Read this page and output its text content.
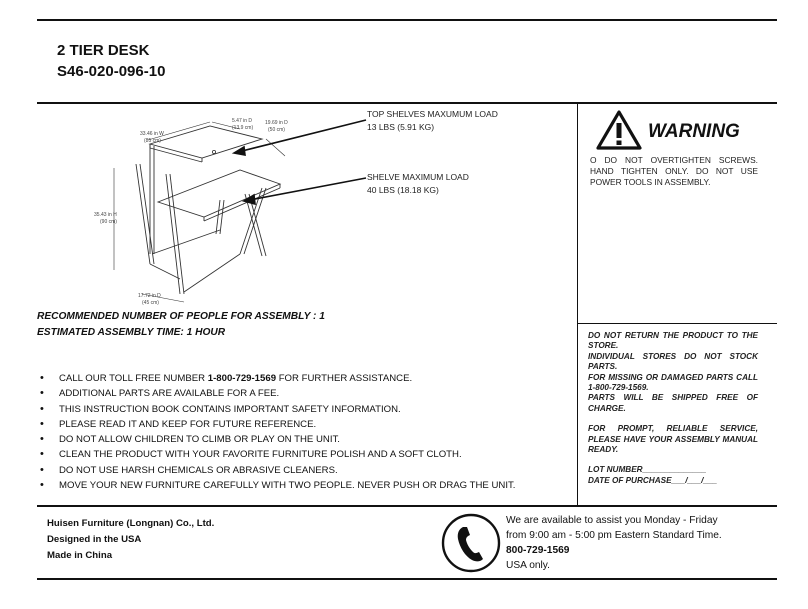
2 TIER DESK
S46-020-096-10
33.46 in W
(85 cm)
5.47 in D
(13.9 cm)
19.69 in D
(50 cm)
35.43 in H
(90 cm)
17.72 in D
(45 cm)
TOP SHELVES MAXUMUM LOAD
13 LBS (5.91 KG)
SHELVE MAXIMUM LOAD
40 LBS (18.18 KG)
WARNING
O DO NOT OVERTIGHTEN SCREWS. HAND TIGHTEN ONLY. DO NOT USE POWER TOOLS IN ASSEMBLY.
RECOMMENDED NUMBER OF PEOPLE FOR ASSEMBLY : 1
ESTIMATED ASSEMBLY TIME: 1 HOUR
• CALL OUR TOLL FREE NUMBER 1-800-729-1569 FOR FURTHER ASSISTANCE.
• ADDITIONAL PARTS ARE AVAILABLE FOR A FEE.
• THIS INSTRUCTION BOOK CONTAINS IMPORTANT SAFETY INFORMATION.
• PLEASE READ IT AND KEEP FOR FUTURE REFERENCE.
• DO NOT ALLOW CHILDREN TO CLIMB OR PLAY ON THE UNIT.
• CLEAN THE PRODUCT WITH YOUR FAVORITE FURNITURE POLISH AND A SOFT CLOTH.
• DO NOT USE HARSH CHEMICALS OR ABRASIVE CLEANERS.
• MOVE YOUR NEW FURNITURE CAREFULLY WITH TWO PEOPLE. NEVER PUSH OR DRAG THE UNIT.
DO NOT RETURN THE PRODUCT TO THE STORE.
INDIVIDUAL STORES DO NOT STOCK PARTS.
FOR MISSING OR DAMAGED PARTS CALL 1-800-729-1569.
PARTS WILL BE SHIPPED FREE OF CHARGE.
FOR PROMPT, RELIABLE SERVICE, PLEASE HAVE YOUR ASSEMBLY MANUAL READY.
LOT NUMBER______________
DATE OF PURCHASE___/___/___
Huisen Furniture (Longnan) Co., Ltd.
Designed in the USA
Made in China
We are available to assist you Monday - Friday
from 9:00 am - 5:00 pm Eastern Standard Time.
800-729-1569
USA only.
